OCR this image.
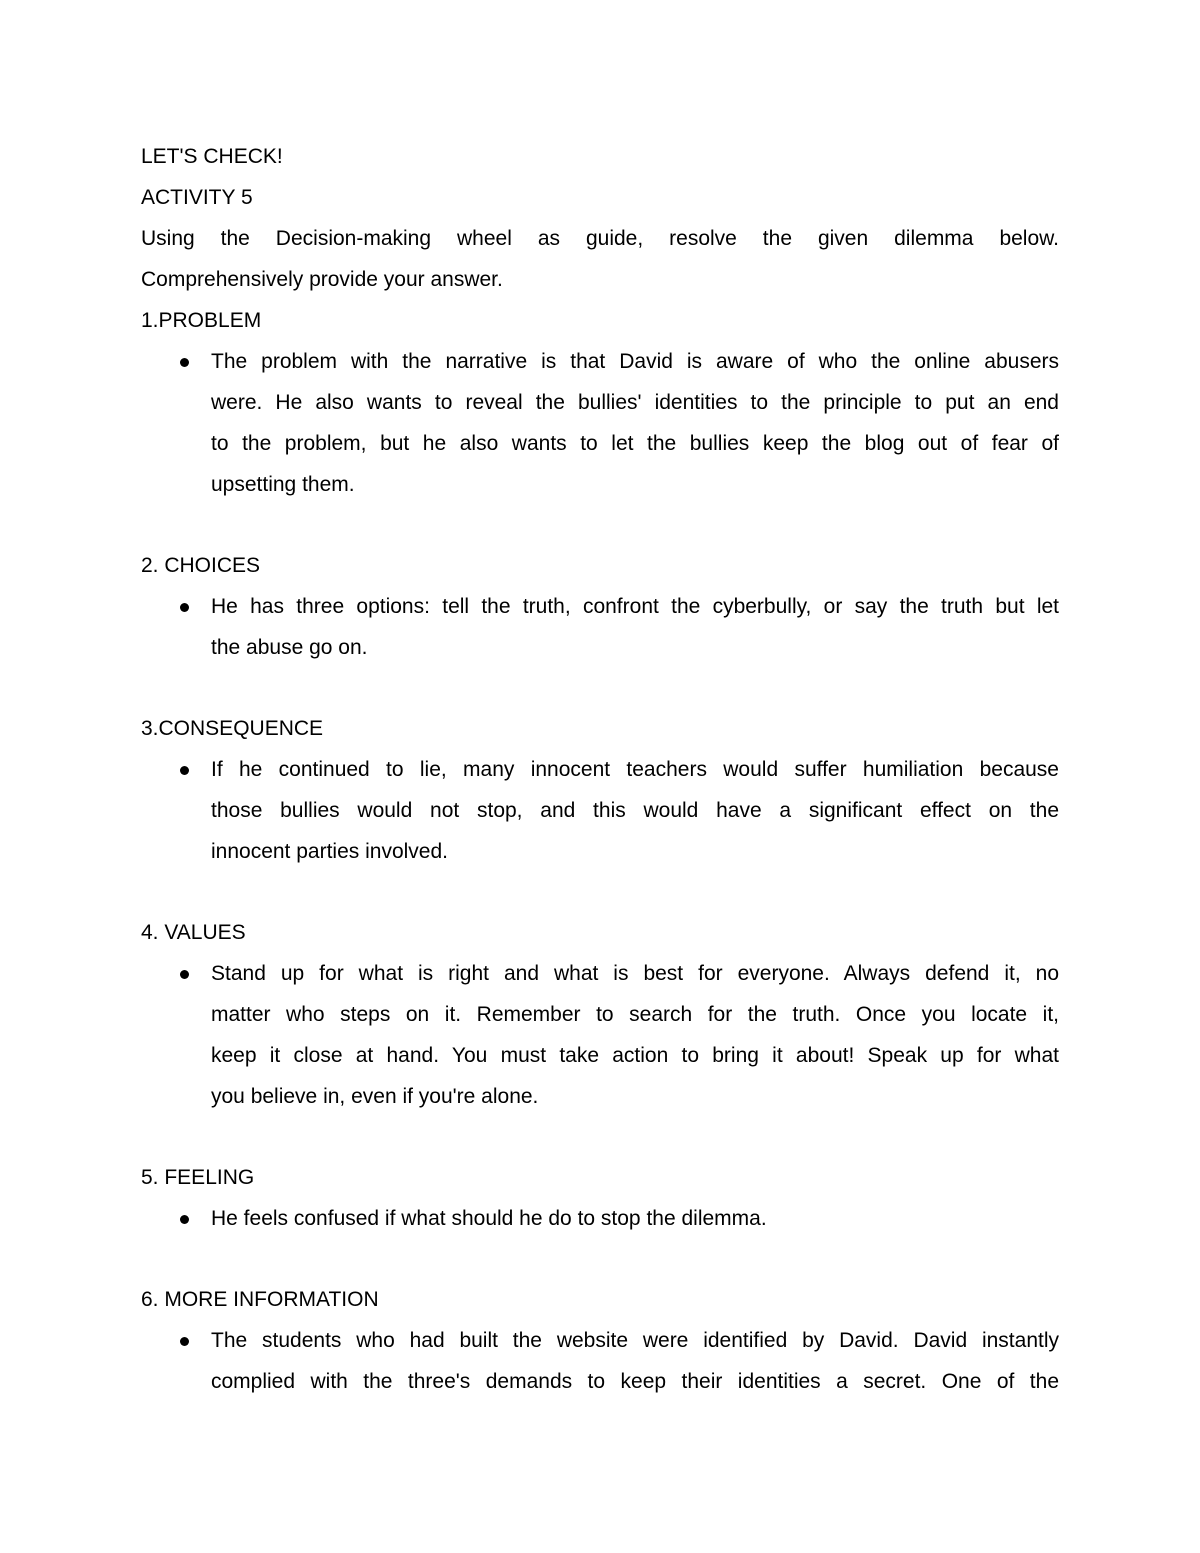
LET'S CHECK!

ACTIVITY 5

Using the Decision-making wheel as guide, resolve the given dilemma below.

Comprehensively provide your answer.

1.PROBLEM

The problem with the narrative is that David is aware of who the online abusers
were. He also wants to reveal the bullies' identities to the principle to put an end
to the problem, but he also wants to let the bullies keep the blog out of fear of
upsetting them.

2. CHOICES

He has three options: tell the truth, confront the cyberbully, or say the truth but let
the abuse go on.

3.CONSEQUENCE

If he continued to lie, many innocent teachers would suffer humiliation because
those bullies would not stop, and this would have a significant effect on the
innocent parties involved.

4. VALUES

Stand up for what is right and what is best for everyone. Always defend it, no
matter who steps on it. Remember to search for the truth. Once you locate it,
keep it close at hand. You must take action to bring it about! Speak up for what
you believe in, even if you're alone.

5. FEELING

He feels confused if what should he do to stop the dilemma.

6. MORE INFORMATION

The students who had built the website were identified by David. David instantly
complied with the three's demands to keep their identities a secret. One of the
